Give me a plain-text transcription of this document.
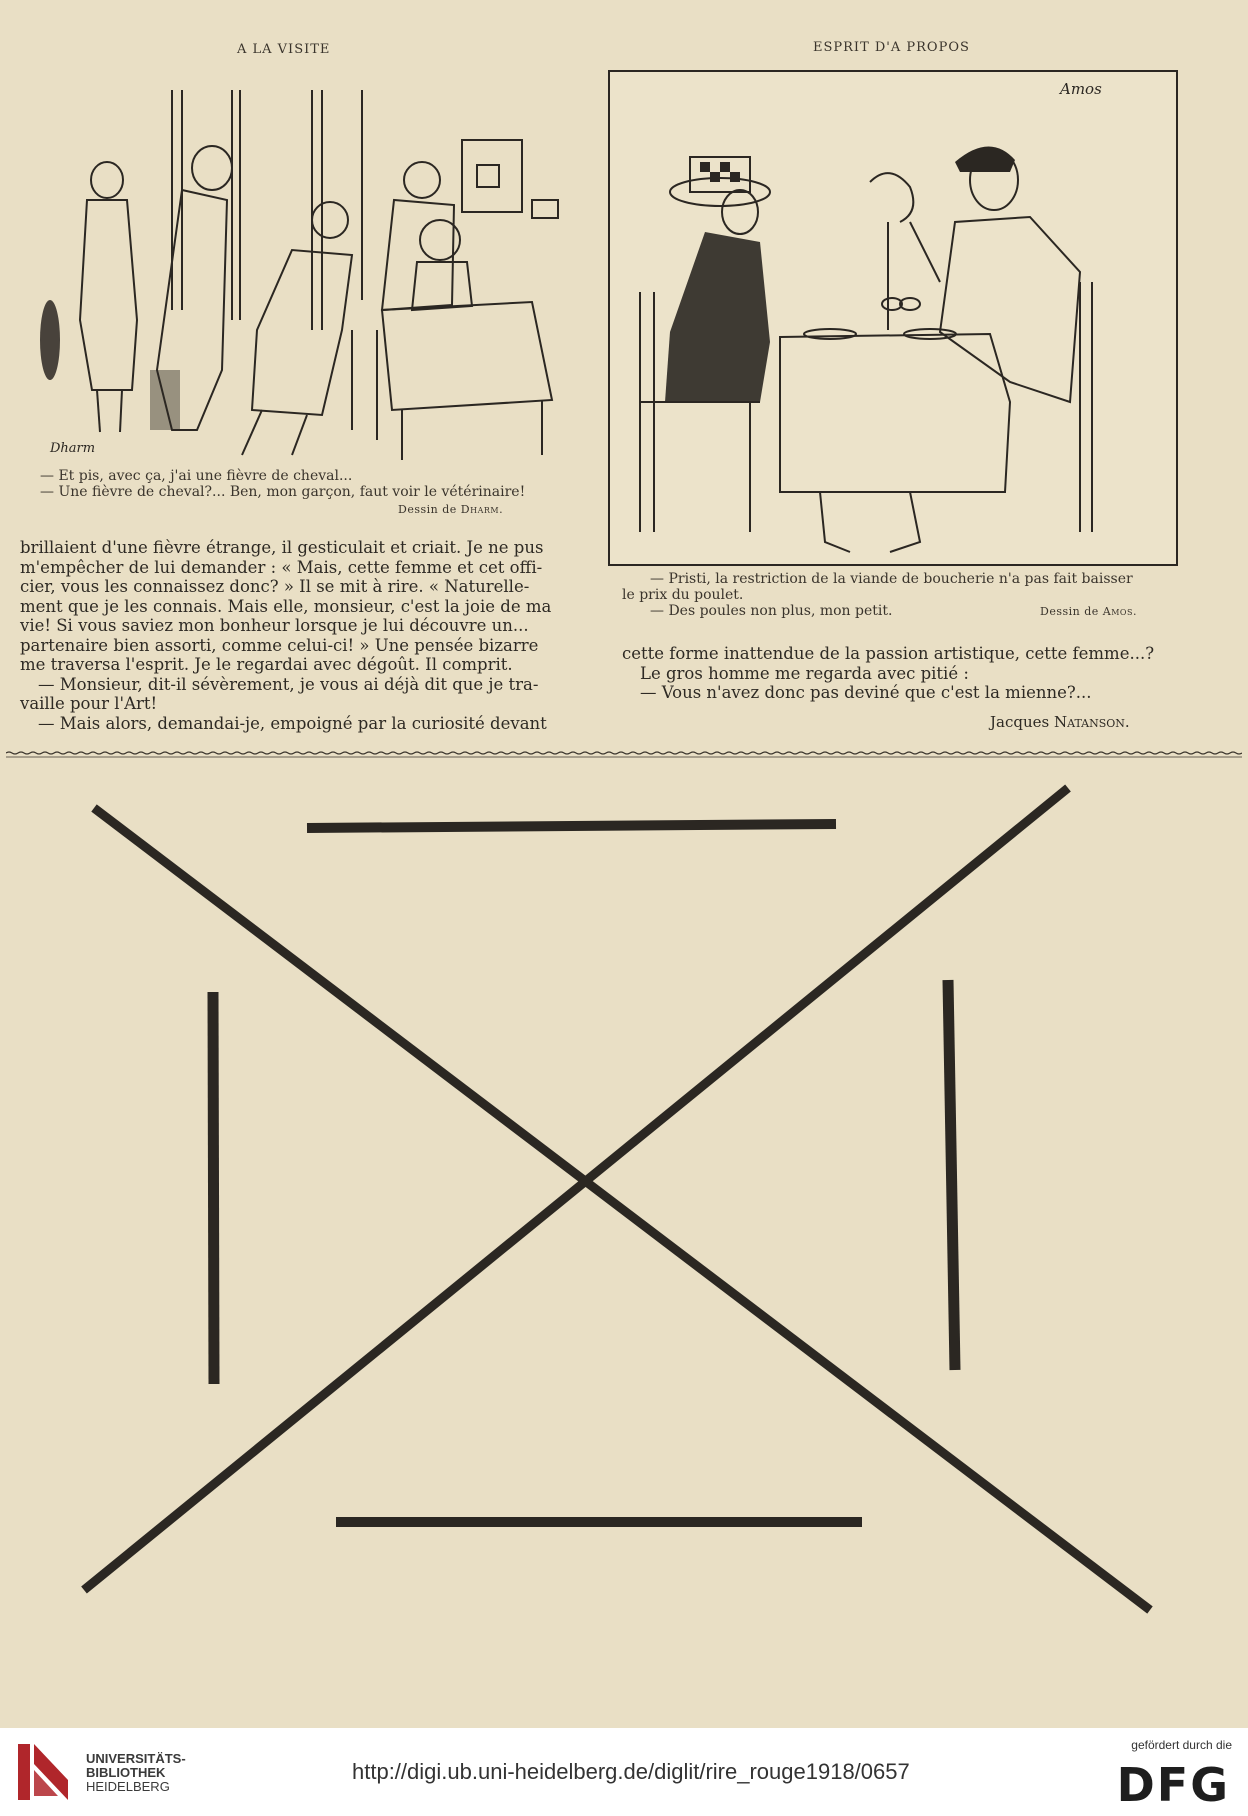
A LA VISITE
Dharm
— Et pis, avec ça, j'ai une fièvre de cheval...
— Une fièvre de cheval?... Ben, mon garçon, faut voir le vétérinaire!
Dessin de Dharm.
ESPRIT D'A PROPOS
Amos
— Pristi, la restriction de la viande de boucherie n'a pas fait baisser
le prix du poulet.
— Des poules non plus, mon petit.	Dessin de Amos.

brillaient d'une fièvre étrange, il gesticulait et criait. Je ne pus

m'empêcher de lui demander : « Mais, cette femme et cet offi-

cier, vous les connaissez donc? » Il se mit à rire. « Naturelle-

ment que je les connais. Mais elle, monsieur, c'est la joie de ma

vie! Si vous saviez mon bonheur lorsque je lui découvre un...

partenaire bien assorti, comme celui-ci! » Une pensée bizarre

me traversa l'esprit. Je le regardai avec dégoût. Il comprit.

— Monsieur, dit-il sévèrement, je vous ai déjà dit que je tra-

vaille pour l'Art!

— Mais alors, demandai-je, empoigné par la curiosité devant

cette forme inattendue de la passion artistique, cette femme...?

Le gros homme me regarda avec pitié :

— Vous n'avez donc pas deviné que c'est la mienne?...

Jacques Natanson.
UNIVERSITÄTS-
BIBLIOTHEK
HEIDELBERG
http://digi.ub.uni-heidelberg.de/diglit/rire_rouge1918/0657
gefördert durch die
DFG
